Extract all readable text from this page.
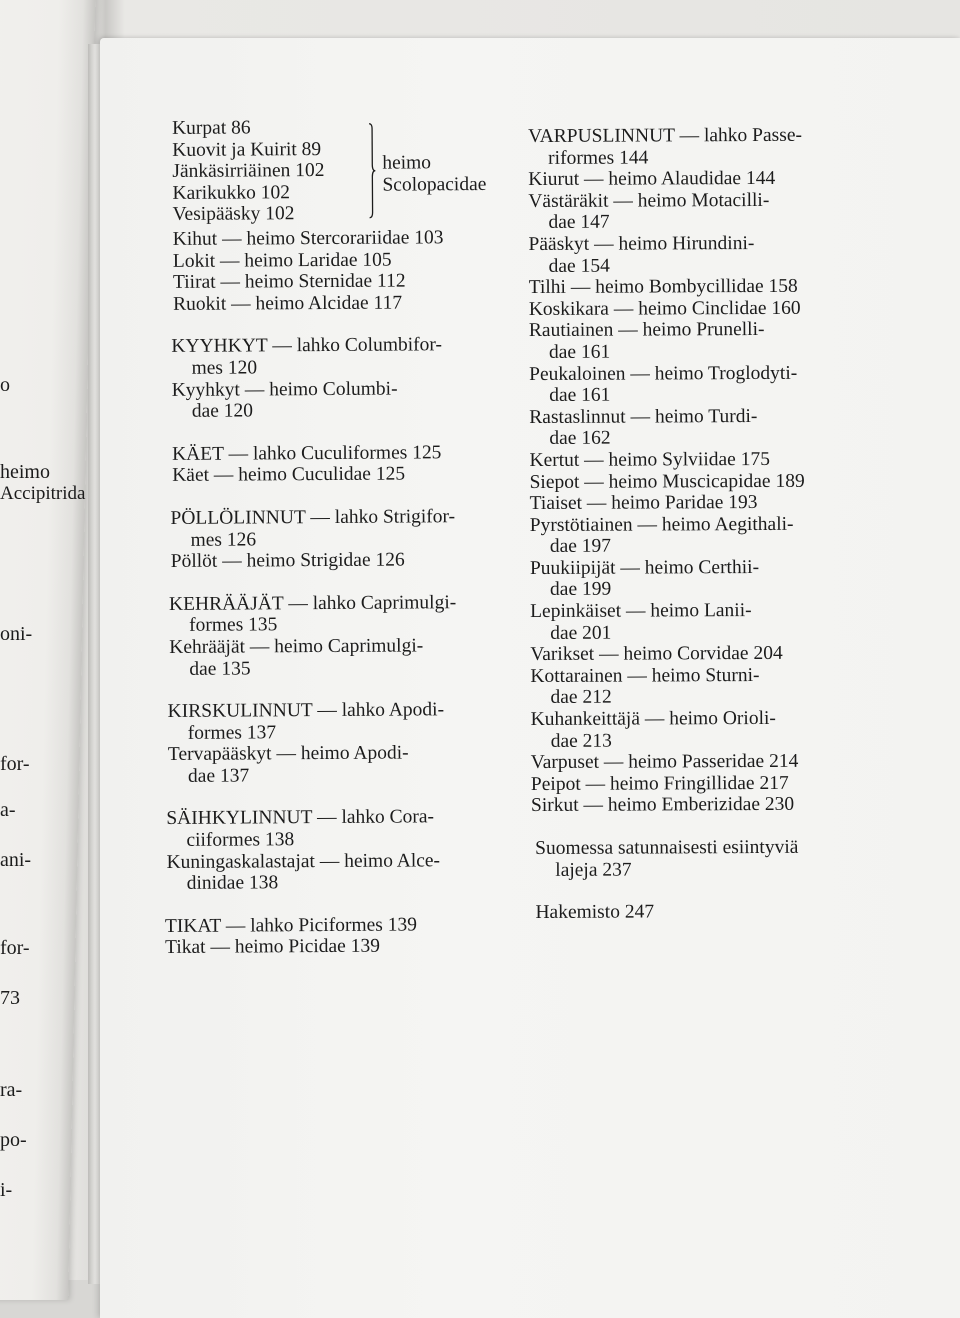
o
heimo
Accipitrida
oni-
for-
a-
ani-
for-
73
ra-
po-
i-
Kurpat 86
Kuovit ja Kuirit 89
Jänkäsirriäinen 102
Karikukko 102
Vesipääsky 102
heimo
Scolopacidae
Kihut — heimo Stercorariidae 103
Lokit — heimo Laridae 105
Tiirat — heimo Sternidae 112
Ruokit — heimo Alcidae 117
KYYHKYT — lahko Columbifor-
mes 120
Kyyhkyt — heimo Columbi-
dae 120
KÄET — lahko Cuculiformes 125
Käet — heimo Cuculidae 125
PÖLLÖLINNUT — lahko Strigifor-
mes 126
Pöllöt — heimo Strigidae 126
KEHRÄÄJÄT — lahko Caprimulgi-
formes 135
Kehrääjät — heimo Caprimulgi-
dae 135
KIRSKULINNUT — lahko Apodi-
formes 137
Tervapääskyt — heimo Apodi-
dae 137
SÄIHKYLINNUT — lahko Cora-
ciiformes 138
Kuningaskalastajat — heimo Alce-
dinidae 138
TIKAT — lahko Piciformes 139
Tikat — heimo Picidae 139
VARPUSLINNUT — lahko Passe-
riformes 144
Kiurut — heimo Alaudidae 144
Västäräkit — heimo Motacilli-
dae 147
Pääskyt — heimo Hirundini-
dae 154
Tilhi — heimo Bombycillidae 158
Koskikara — heimo Cinclidae 160
Rautiainen — heimo Prunelli-
dae 161
Peukaloinen — heimo Troglodyti-
dae 161
Rastaslinnut — heimo Turdi-
dae 162
Kertut — heimo Sylviidae 175
Siepot — heimo Muscicapidae 189
Tiaiset — heimo Paridae 193
Pyrstötiainen — heimo Aegithali-
dae 197
Puukiipijät — heimo Certhii-
dae 199
Lepinkäiset — heimo Lanii-
dae 201
Varikset — heimo Corvidae 204
Kottarainen — heimo Sturni-
dae 212
Kuhankeittäjä — heimo Orioli-
dae 213
Varpuset — heimo Passeridae 214
Peipot — heimo Fringillidae 217
Sirkut — heimo Emberizidae 230
Suomessa satunnaisesti esiintyviä
lajeja 237
Hakemisto 247
